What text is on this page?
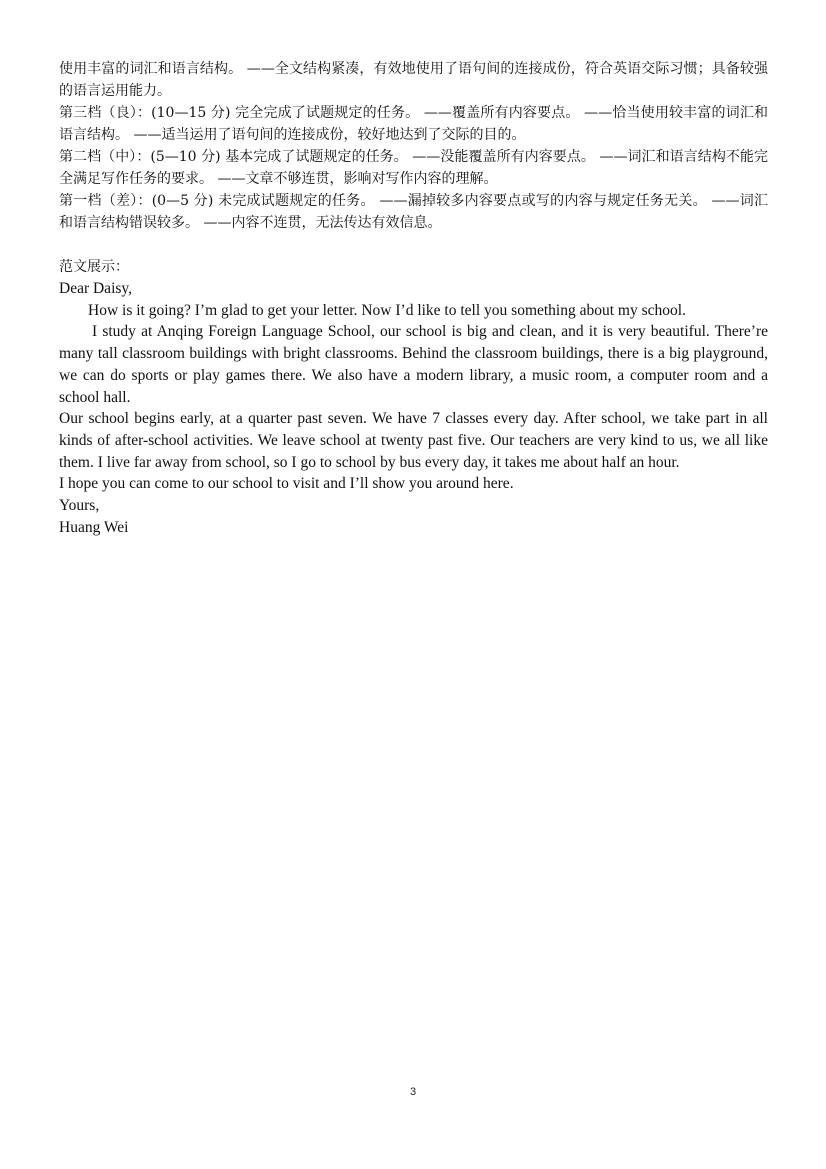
使用丰富的词汇和语言结构。 ——全文结构紧凑，有效地使用了语句间的连接成份，符合英语交际习惯；具备较强的语言运用能力。

第三档（良）：(10—15 分) 完全完成了试题规定的任务。 ——覆盖所有内容要点。 ——恰当使用较丰富的词汇和语言结构。 ——适当运用了语句间的连接成份，较好地达到了交际的目的。

第二档（中）：(5—10 分) 基本完成了试题规定的任务。 ——没能覆盖所有内容要点。 ——词汇和语言结构不能完全满足写作任务的要求。 ——文章不够连贯，影响对写作内容的理解。

第一档（差）：(0—5 分) 未完成试题规定的任务。 ——漏掉较多内容要点或写的内容与规定任务无关。 ——词汇和语言结构错误较多。 ——内容不连贯，无法传达有效信息。

范文展示：

Dear Daisy,

How is it going? I’m glad to get your letter. Now I’d like to tell you something about my school.

I study at Anqing Foreign Language School, our school is big and clean, and it is very beautiful. There’re many tall classroom buildings with bright classrooms. Behind the classroom buildings, there is a big playground, we can do sports or play games there. We also have a modern library, a music room, a computer room and a school hall.

Our school begins early, at a quarter past seven. We have 7 classes every day. After school, we take part in all kinds of after-school activities. We leave school at twenty past five. Our teachers are very kind to us, we all like them. I live far away from school, so I go to school by bus every day, it takes me about half an hour.

I hope you can come to our school to visit and I’ll show you around here.

Yours,

Huang Wei

3
